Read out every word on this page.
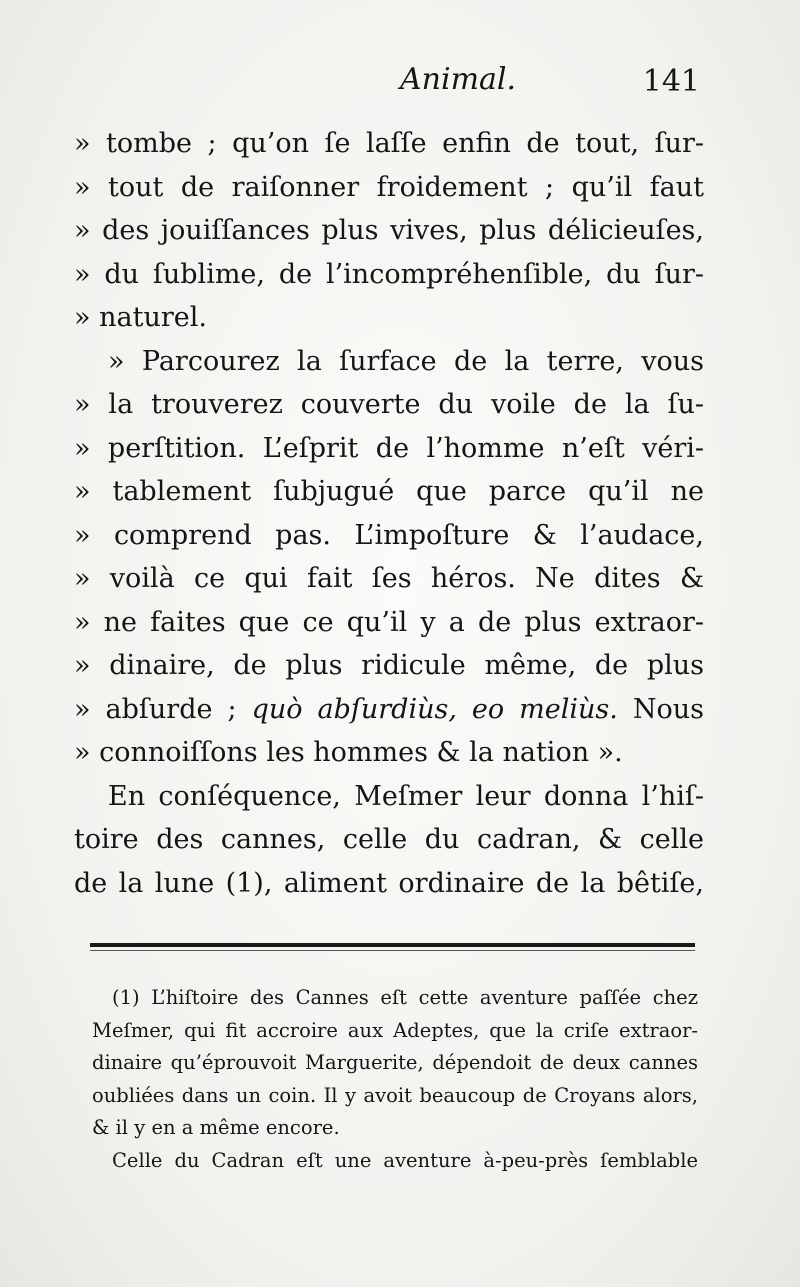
Animal.	141
» tombe ; qu’on ſe laſſe enfin de tout, ſur-
» tout de raiſonner froidement ; qu’il faut
» des jouiſſances plus vives, plus délicieuſes,
» du ſublime, de l’incompréhenſible, du ſur-
» naturel.
» Parcourez la ſurface de la terre, vous
» la trouverez couverte du voile de la ſu-
» perſtition. L’eſprit de l’homme n’eſt véri-
» tablement ſubjugué que parce qu’il ne
» comprend pas. L’impoſture & l’audace,
» voilà ce qui fait ſes héros. Ne dites &
» ne faites que ce qu’il y a de plus extraor-
» dinaire, de plus ridicule même, de plus
» abſurde ; quò abſurdiùs, eo meliùs. Nous
» connoiſſons les hommes & la nation ».
En conſéquence, Meſmer leur donna l’hiſ-
toire des cannes, celle du cadran, & celle
de la lune (1), aliment ordinaire de la bêtiſe,
(1) L’hiſtoire des Cannes eſt cette aventure paſſée chez
Meſmer, qui fit accroire aux Adeptes, que la criſe extraor-
dinaire qu’éprouvoit Marguerite, dépendoit de deux cannes
oubliées dans un coin. Il y avoit beaucoup de Croyans alors,
& il y en a même encore.
Celle du Cadran eſt une aventure à-peu-près ſemblable
